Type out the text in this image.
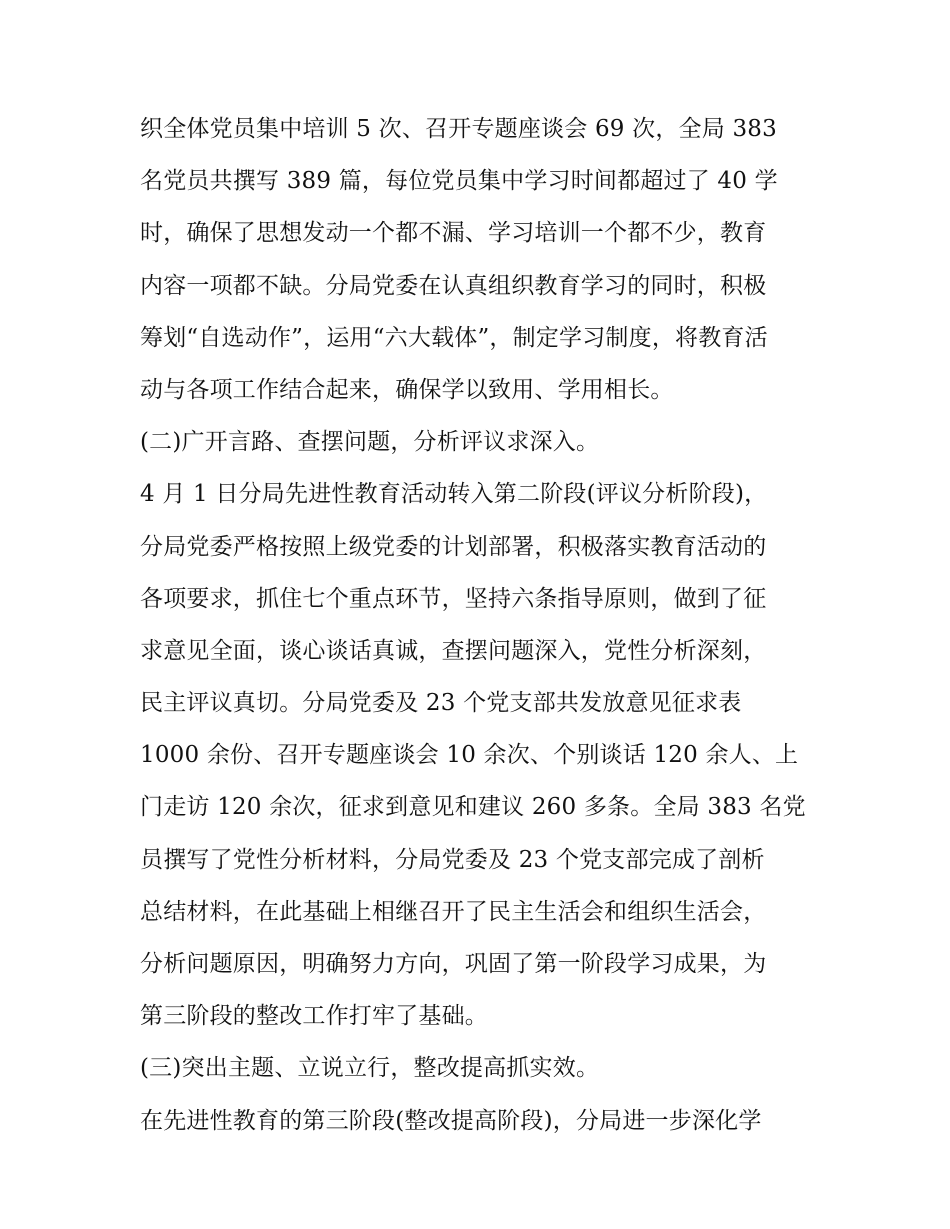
织全体党员集中培训 5 次、召开专题座谈会 69 次，全局 383
名党员共撰写 389 篇，每位党员集中学习时间都超过了 40 学
时，确保了思想发动一个都不漏、学习培训一个都不少，教育
内容一项都不缺。分局党委在认真组织教育学习的同时，积极
筹划“自选动作”，运用“六大载体”，制定学习制度，将教育活
动与各项工作结合起来，确保学以致用、学用相长。
(二)广开言路、查摆问题，分析评议求深入。
4 月 1 日分局先进性教育活动转入第二阶段(评议分析阶段)，
分局党委严格按照上级党委的计划部署，积极落实教育活动的
各项要求，抓住七个重点环节，坚持六条指导原则，做到了征
求意见全面，谈心谈话真诚，查摆问题深入，党性分析深刻，
民主评议真切。分局党委及 23 个党支部共发放意见征求表
1000 余份、召开专题座谈会 10 余次、个别谈话 120 余人、上
门走访 120 余次，征求到意见和建议 260 多条。全局 383 名党
员撰写了党性分析材料，分局党委及 23 个党支部完成了剖析
总结材料，在此基础上相继召开了民主生活会和组织生活会，
分析问题原因，明确努力方向，巩固了第一阶段学习成果，为
第三阶段的整改工作打牢了基础。
(三)突出主题、立说立行，整改提高抓实效。
在先进性教育的第三阶段(整改提高阶段)，分局进一步深化学
